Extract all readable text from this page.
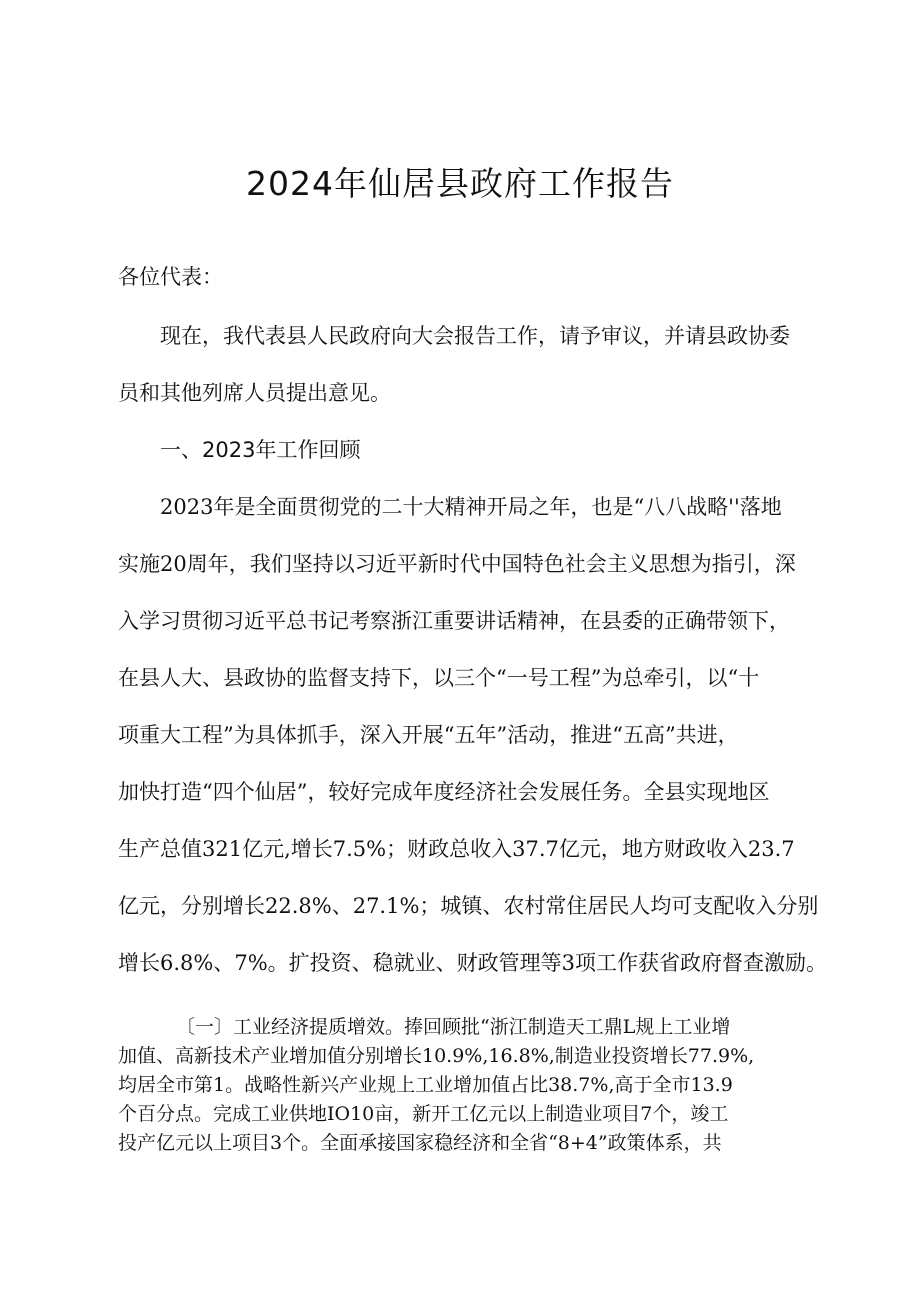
2024年仙居县政府工作报告
各位代表：
现在，我代表县人民政府向大会报告工作，请予审议，并请县政协委
员和其他列席人员提出意见。
一、2023年工作回顾
2023年是全面贯彻党的二十大精神开局之年，也是“八八战略''落地
实施20周年，我们坚持以习近平新时代中国特色社会主义思想为指引，深
入学习贯彻习近平总书记考察浙江重要讲话精神，在县委的正确带领下，
在县人大、县政协的监督支持下，以三个“一号工程”为总牵引，以“十
项重大工程”为具体抓手，深入开展“五年”活动，推进“五高”共进，
加快打造“四个仙居”，较好完成年度经济社会发展任务。全县实现地区
生产总值321亿元,增长7.5%；财政总收入37.7亿元，地方财政收入23.7
亿元，分别增长22.8%、27.1%；城镇、农村常住居民人均可支配收入分别
增长6.8%、7%。扩投资、稳就业、财政管理等3项工作获省政府督查激励。
〔一〕工业经济提质增效。捧回顾批“浙江制造天工鼎L规上工业增
加值、高新技术产业增加值分别增长10.9%,16.8%,制造业投资增长77.9%,
均居全市第1。战略性新兴产业规上工业增加值占比38.7%,高于全市13.9
个百分点。完成工业供地IO10亩，新开工亿元以上制造业项目7个，竣工
投产亿元以上项目3个。全面承接国家稳经济和全省“8+4”政策体系，共
